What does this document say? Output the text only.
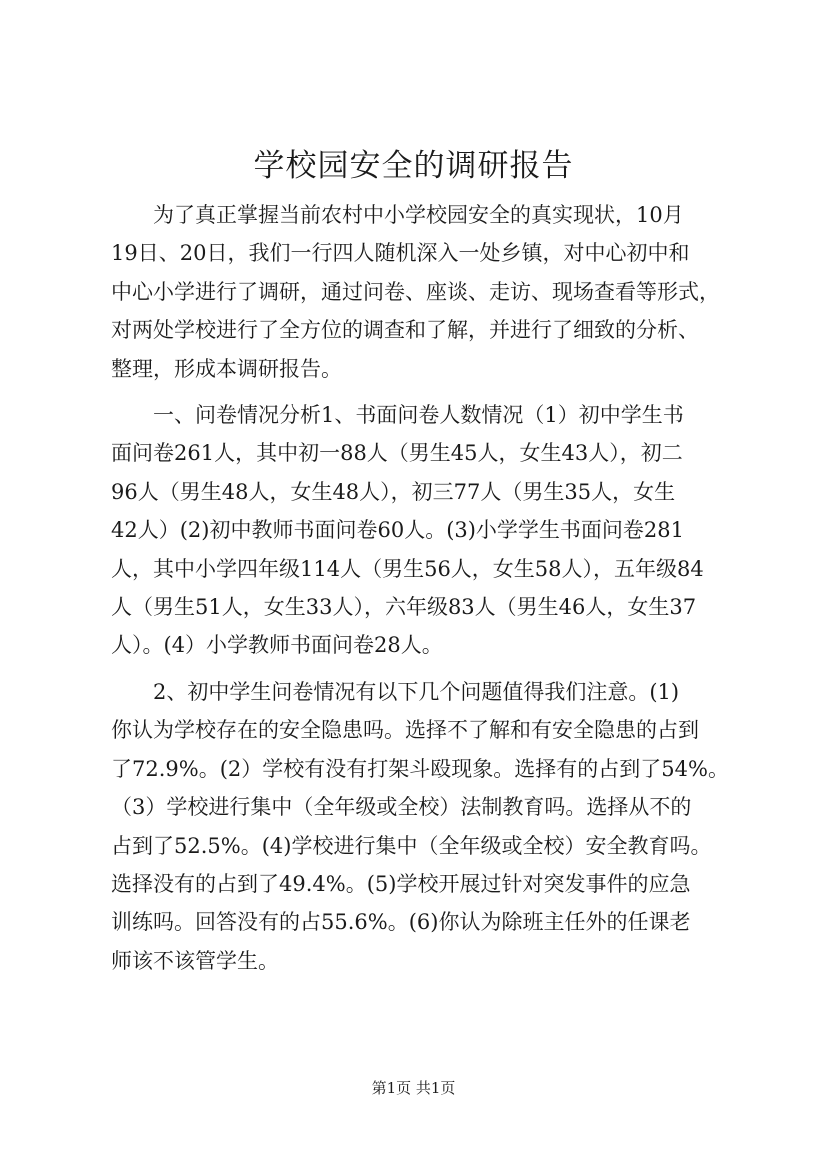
学校园安全的调研报告
　　为了真正掌握当前农村中小学校园安全的真实现状，10月
19日、20日，我们一行四人随机深入一处乡镇，对中心初中和
中心小学进行了调研，通过问卷、座谈、走访、现场查看等形式，
对两处学校进行了全方位的调查和了解，并进行了细致的分析、
整理，形成本调研报告。
　　一、问卷情况分析1、书面问卷人数情况（1）初中学生书
面问卷261人，其中初一88人（男生45人，女生43人），初二
96人（男生48人，女生48人），初三77人（男生35人，女生
42人）(2)初中教师书面问卷60人。(3)小学学生书面问卷281
人，其中小学四年级114人（男生56人，女生58人），五年级84
人（男生51人，女生33人），六年级83人（男生46人，女生37
人）。(4）小学教师书面问卷28人。
　　2、初中学生问卷情况有以下几个问题值得我们注意。(1)
你认为学校存在的安全隐患吗。选择不了解和有安全隐患的占到
了72.9%。(2）学校有没有打架斗殴现象。选择有的占到了54%。
（3）学校进行集中（全年级或全校）法制教育吗。选择从不的
占到了52.5%。(4)学校进行集中（全年级或全校）安全教育吗。
选择没有的占到了49.4%。(5)学校开展过针对突发事件的应急
训练吗。回答没有的占55.6%。(6)你认为除班主任外的任课老
师该不该管学生。
第1页 共1页
